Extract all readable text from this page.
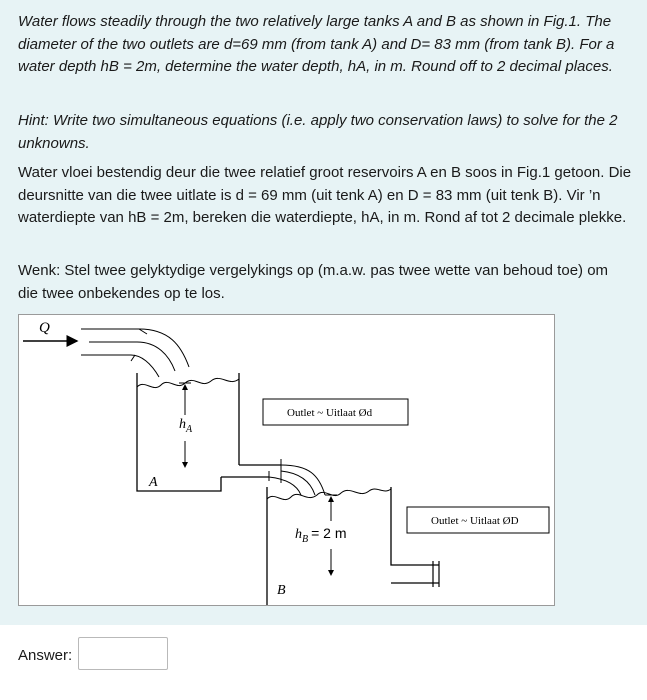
Water flows steadily through the two relatively large tanks A and B as shown in Fig.1. The diameter of the two outlets are d=69 mm (from tank A) and D= 83 mm (from tank B). For a water depth hB = 2m, determine the water depth, hA, in m. Round off to 2 decimal places.

Hint: Write two simultaneous equations (i.e. apply two conservation laws) to solve for the 2 unknowns.

Water vloei bestendig deur die twee relatief groot reservoirs A en B soos in Fig.1 getoon. Die deursnitte van die twee uitlate is d = 69 mm (uit tenk A) en D = 83 mm (uit tenk B). Vir ’n waterdiepte van hB = 2m, bereken die waterdiepte, hA, in m. Rond af tot 2 decimale plekke.

Wenk: Stel twee gelyktydige vergelykings op (m.a.w. pas twee wette van behoud toe) om die twee onbekendes op te los.

Q
A
$h_A$
Outlet ~ Uitlaat Ød
B
$h_B = 2$ m
Outlet ~ Uitlaat ØD
Answer:
